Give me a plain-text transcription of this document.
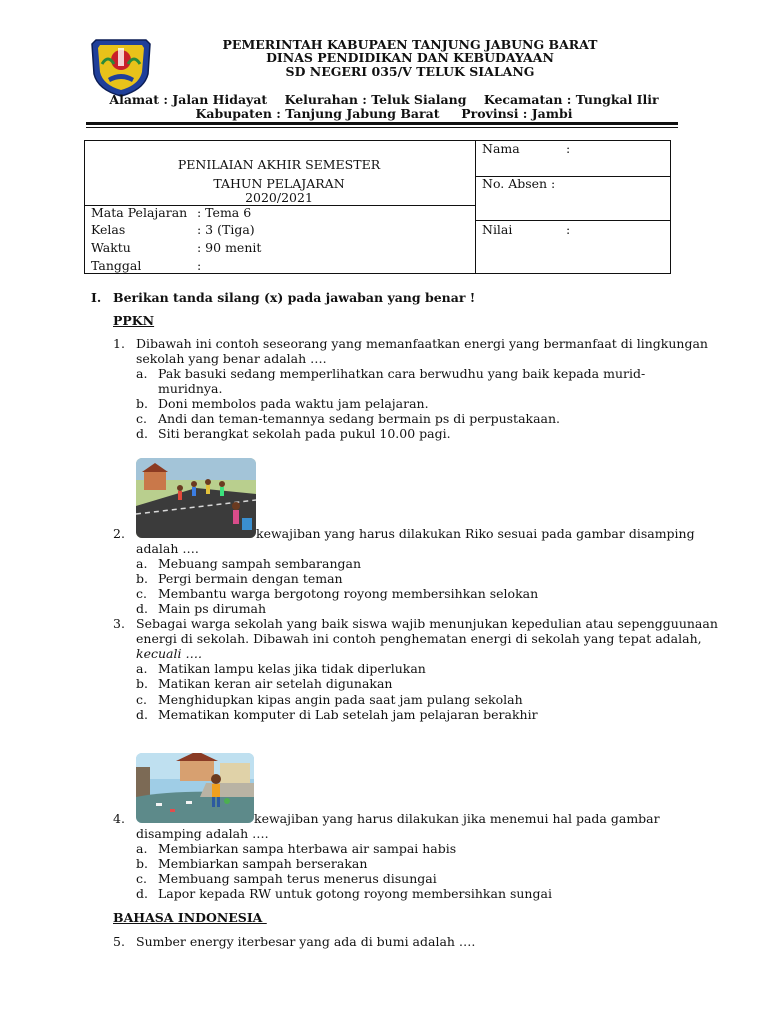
PEMERINTAH KABUPAEN TANJUNG JABUNG BARAT
DINAS PENDIDIKAN DAN KEBUDAYAAN
SD NEGERI 035/V TELUK SIALANG
Alamat : Jalan Hidayat    Kelurahan : Teluk Sialang    Kecamatan : Tungkal Ilir
Kabupaten : Tanjung Jabung Barat     Provinsi : Jambi
PENILAIAN AKHIR SEMESTER
TAHUN PELAJARAN
2020/2021
Mata Pelajaran : Tema 6
Kelas	: 3 (Tiga)
Waktu	: 90 menit
Tanggal	:
Nama	:
No. Absen :
Nilai	:
I. Berikan tanda silang (x) pada jawaban yang benar !
PPKN
1. Dibawah ini contoh seseorang yang memanfaatkan energi yang bermanfaat di lingkungan
sekolah yang benar adalah ….
a. Pak basuki sedang memperlihatkan cara berwudhu yang baik kepada murid-
muridnya.
b. Doni membolos pada waktu jam pelajaran.
c. Andi dan teman-temannya sedang bermain ps di perpustakaan.
d. Siti berangkat sekolah pada pukul 10.00 pagi.
2.	kewajiban yang harus dilakukan Riko sesuai pada gambar disamping
adalah ….
a. Mebuang sampah sembarangan
b. Pergi bermain dengan teman
c. Membantu warga bergotong royong membersihkan selokan
d. Main ps dirumah
3. Sebagai warga sekolah yang baik siswa wajib menunjukan kepedulian atau sepengguunaan
energi di sekolah. Dibawah ini contoh penghematan energi di sekolah yang tepat adalah,
kecuali ….
a. Matikan lampu kelas jika tidak diperlukan
b. Matikan keran air setelah digunakan
c. Menghidupkan kipas angin pada saat jam pulang sekolah
d. Mematikan komputer di Lab setelah jam pelajaran berakhir
4.	kewajiban yang harus dilakukan jika menemui hal pada gambar
disamping adalah ….
a. Membiarkan sampa hterbawa air sampai habis
b. Membiarkan sampah berserakan
c. Membuang sampah terus menerus disungai
d. Lapor kepada RW untuk gotong royong membersihkan sungai
BAHASA INDONESIA
5. Sumber energy iterbesar yang ada di bumi adalah ….
